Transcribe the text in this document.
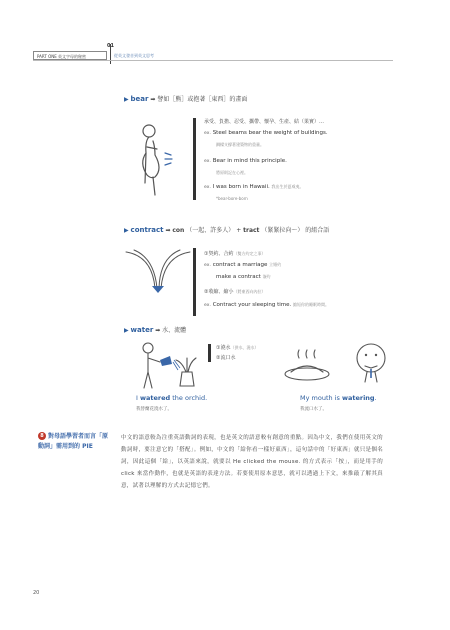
PART ONE 英文字母的秘密
01
從英文發音到英文思考
▶ bear ➡ 譬如［熊］或抱著［東西］的畫面
承受、負擔、忍受、攜帶、懷孕、生產、結（果實）…
ex. Steel beams bear the weight of buildings.
鋼樑支撐著建築物的重量。
ex. Bear in mind this principle.
將原則記在心裡。
ex. I was born in Hawaii. 我出生於夏威夷。
*bear-bore-born
▶ contract ➡ con （一起、許多人） + tract （緊緊拉向～） 的組合語
①契約、合約（雙方約定之事）
ex. contract a marriage 立婚約
make a contract 簽約
②收縮、縮小（將東西向內拉）
ex. Contract your sleeping time. 縮短你的睡眠時間。
▶ water ➡ 水、流體
①澆水（供水、澆水）
②流口水
I watered the orchid.
我替蘭花澆水了。
My mouth is watering.
我流口水了。
8 對母語學習者而言「原動詞」需用到的 PIE
中文的語意較為注重英語動詞的表現，也是英文的語意較有創意的重點。因為中文，我們在使用英文的動詞時，要注意它的「搭配」。例如，中文的「給你看一樣好東西」，這句話中的「好東西」就只是個名詞，因此這個「給」，以英語來說，就要以 He clicked the mouse. 的方式表示「按」，而是用手的 click 來當作動作，也就是英語的表達方法。若要使用原本意思，就可以透過上下文，來推敲了解其真意，試著以理解的方式去記憶它們。
20
